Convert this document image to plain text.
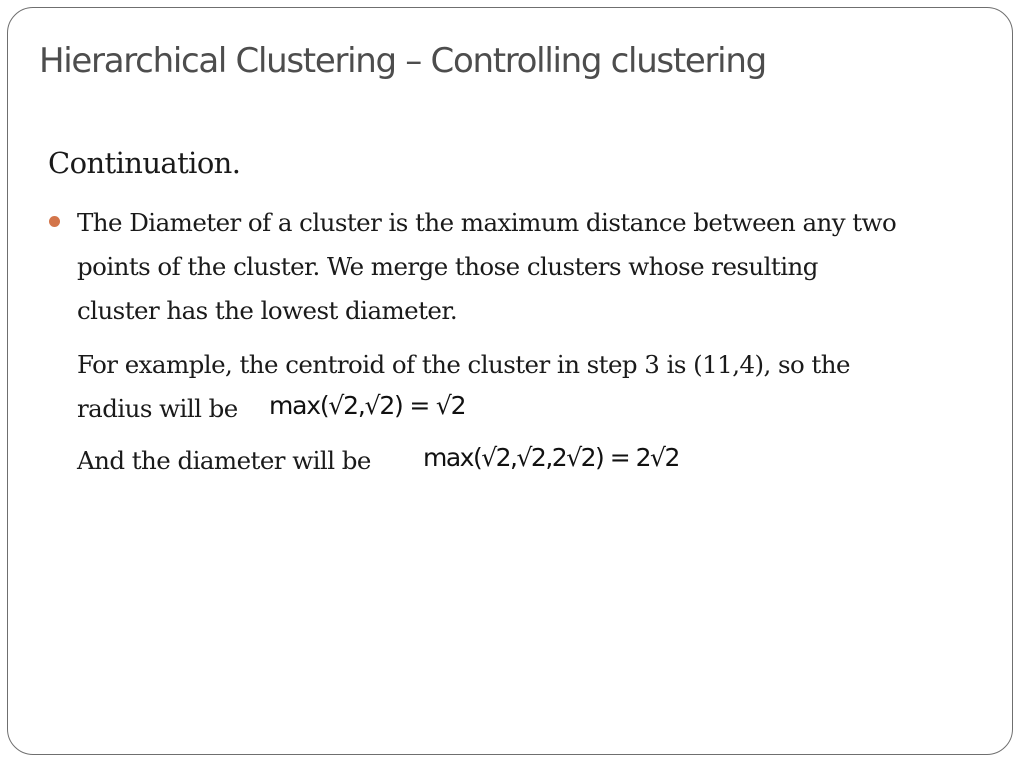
Hierarchical Clustering – Controlling clustering

Continuation.

The Diameter of a cluster is the maximum distance between any two

points of the cluster. We merge those clusters whose resulting

cluster has the lowest diameter.

For example, the centroid of the cluster in step 3 is (11,4), so the

radius will be max(√2,√2) = √2

And the diameter will be max(√2,√2,2√2) = 2√2
